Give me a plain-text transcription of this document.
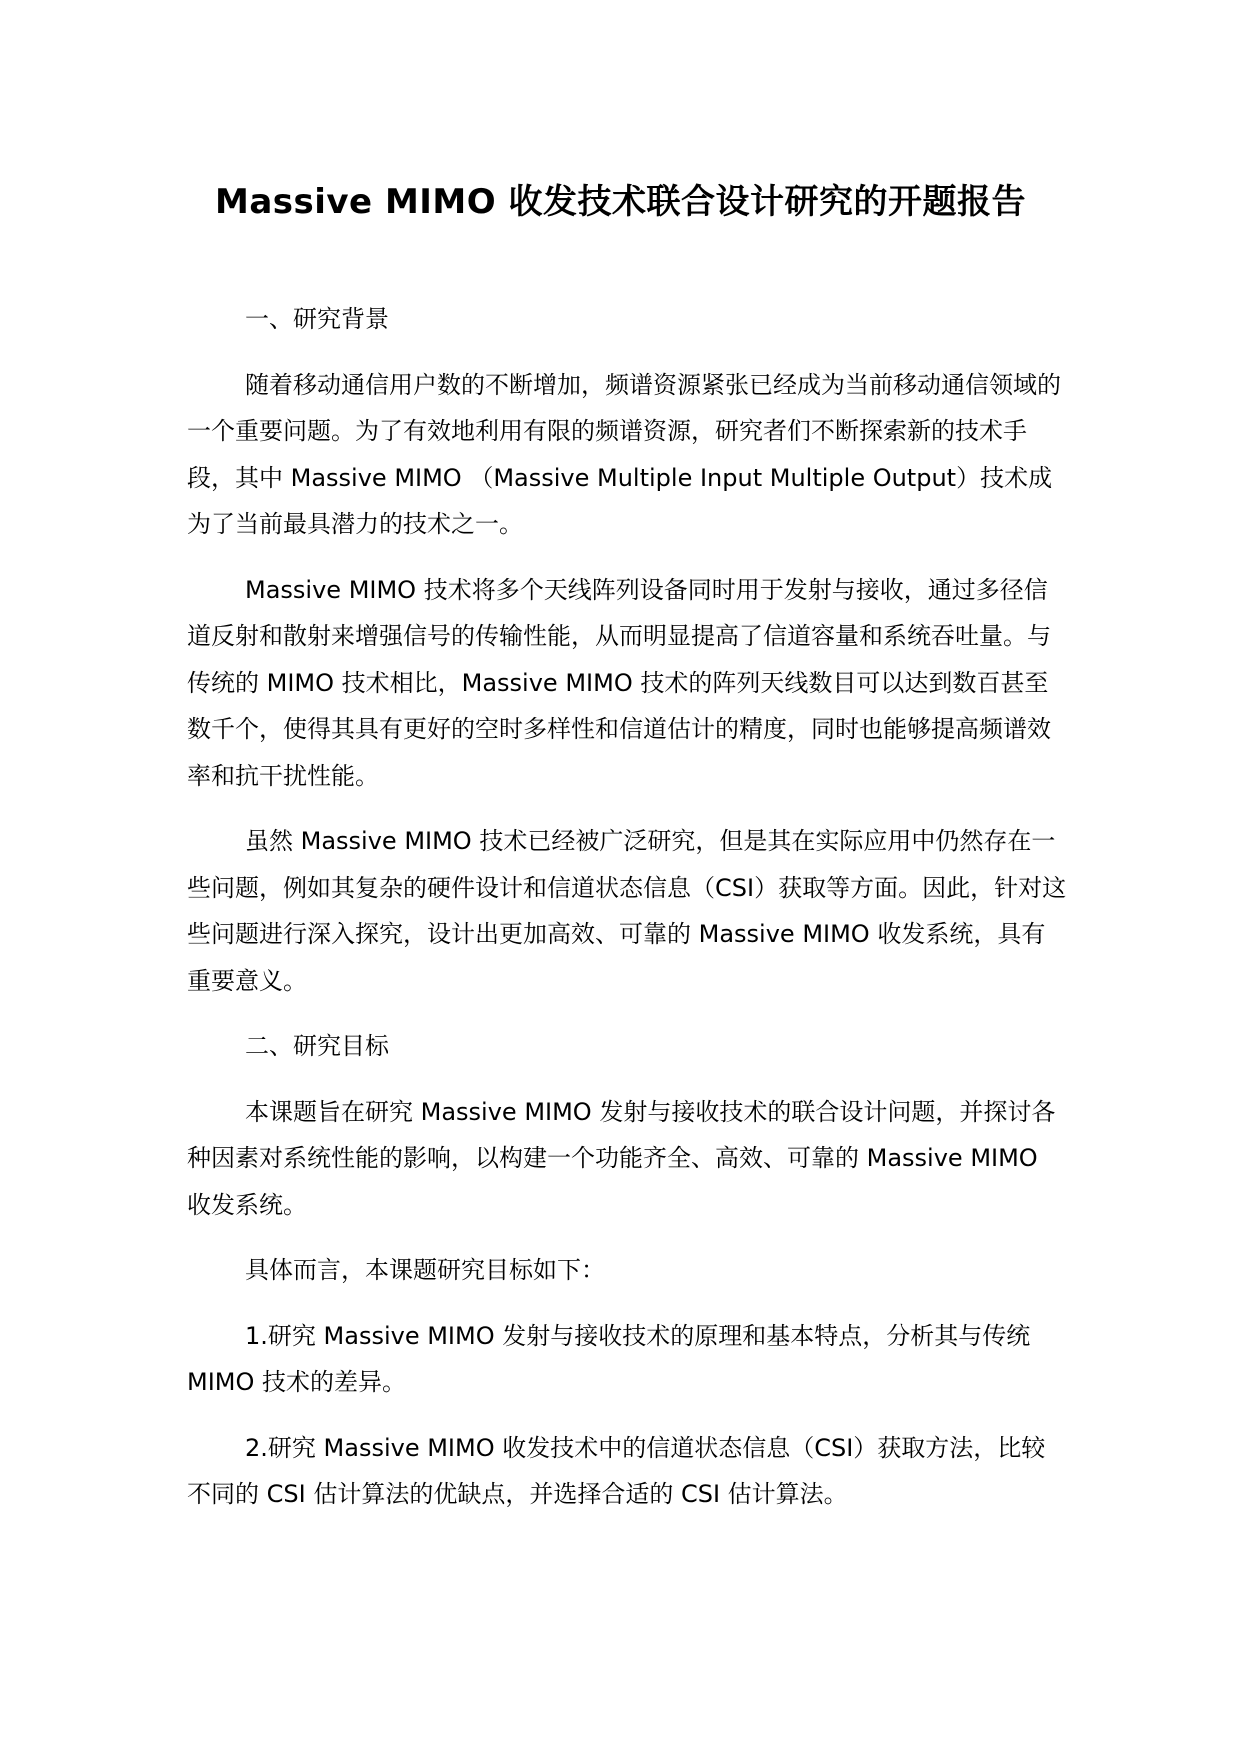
Massive MIMO 收发技术联合设计研究的开题报告

一、研究背景

随着移动通信用户数的不断增加，频谱资源紧张已经成为当前移动通信领域的一个重要问题。为了有效地利用有限的频谱资源，研究者们不断探索新的技术手段，其中 Massive MIMO （Massive Multiple Input Multiple Output）技术成为了当前最具潜力的技术之一。

Massive MIMO 技术将多个天线阵列设备同时用于发射与接收，通过多径信道反射和散射来增强信号的传输性能，从而明显提高了信道容量和系统吞吐量。与传统的 MIMO 技术相比，Massive MIMO 技术的阵列天线数目可以达到数百甚至数千个，使得其具有更好的空时多样性和信道估计的精度，同时也能够提高频谱效率和抗干扰性能。

虽然 Massive MIMO 技术已经被广泛研究，但是其在实际应用中仍然存在一些问题，例如其复杂的硬件设计和信道状态信息（CSI）获取等方面。因此，针对这些问题进行深入探究，设计出更加高效、可靠的 Massive MIMO 收发系统，具有重要意义。

二、研究目标

本课题旨在研究 Massive MIMO 发射与接收技术的联合设计问题，并探讨各种因素对系统性能的影响，以构建一个功能齐全、高效、可靠的 Massive MIMO 收发系统。

具体而言，本课题研究目标如下：

1.研究 Massive MIMO 发射与接收技术的原理和基本特点，分析其与传统 MIMO 技术的差异。

2.研究 Massive MIMO 收发技术中的信道状态信息（CSI）获取方法，比较不同的 CSI 估计算法的优缺点，并选择合适的 CSI 估计算法。
